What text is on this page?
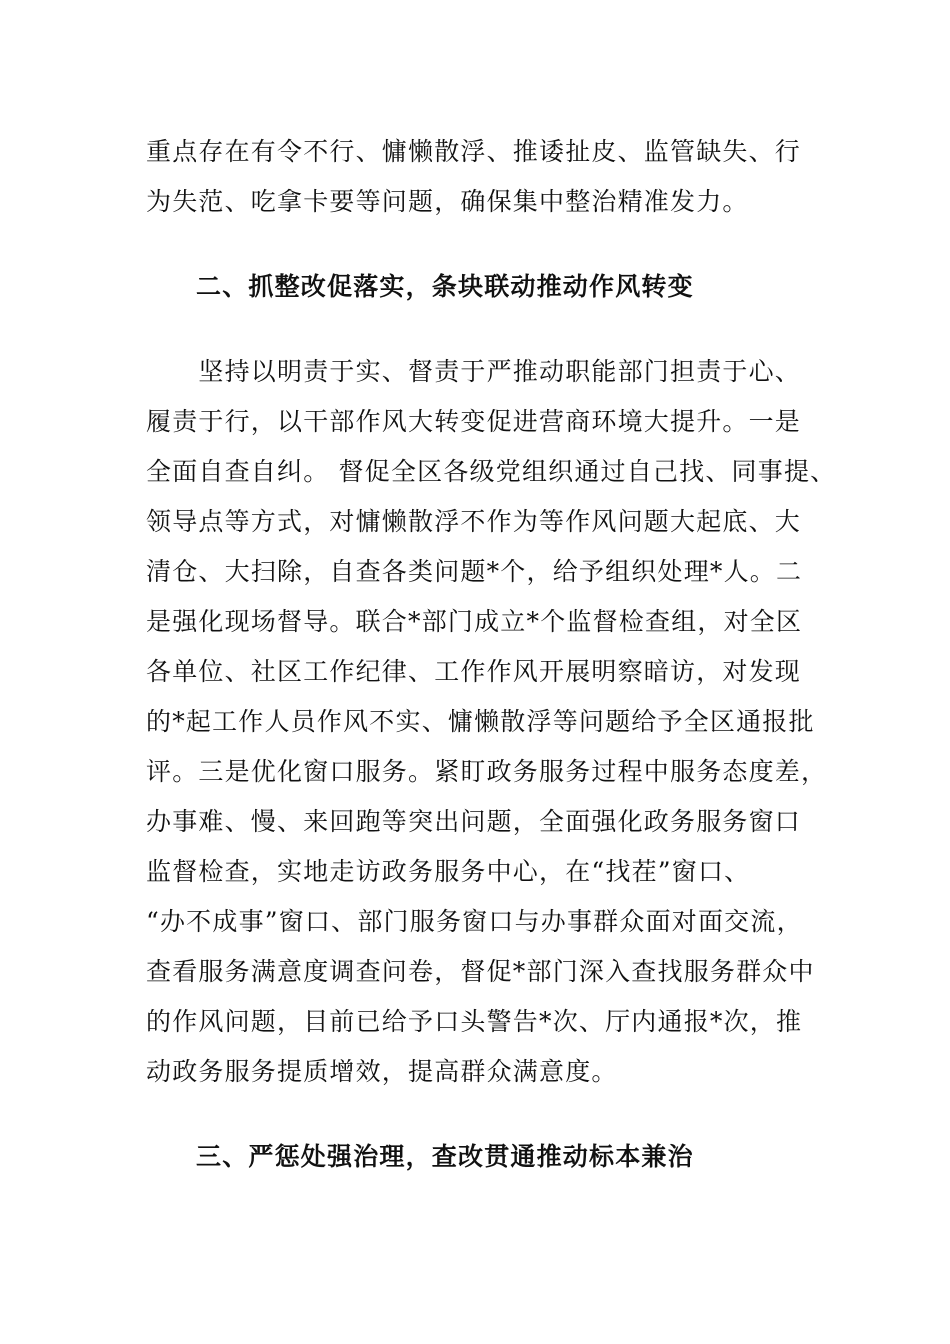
重点存在有令不行、慵懒散浮、推诿扯皮、监管缺失、行
为失范、吃拿卡要等问题，确保集中整治精准发力。
二、抓整改促落实，条块联动推动作风转变
　　坚持以明责于实、督责于严推动职能部门担责于心、
履责于行，以干部作风大转变促进营商环境大提升。一是
全面自查自纠。 督促全区各级党组织通过自己找、同事提、
领导点等方式，对慵懒散浮不作为等作风问题大起底、大
清仓、大扫除，自查各类问题*个，给予组织处理*人。二
是强化现场督导。联合*部门成立*个监督检查组，对全区
各单位、社区工作纪律、工作作风开展明察暗访，对发现
的*起工作人员作风不实、慵懒散浮等问题给予全区通报批
评。三是优化窗口服务。紧盯政务服务过程中服务态度差，
办事难、慢、来回跑等突出问题，全面强化政务服务窗口
监督检查，实地走访政务服务中心，在“找茬”窗口、
“办不成事”窗口、部门服务窗口与办事群众面对面交流，
查看服务满意度调查问卷，督促*部门深入查找服务群众中
的作风问题，目前已给予口头警告*次、厅内通报*次，推
动政务服务提质增效，提高群众满意度。
三、严惩处强治理，查改贯通推动标本兼治
